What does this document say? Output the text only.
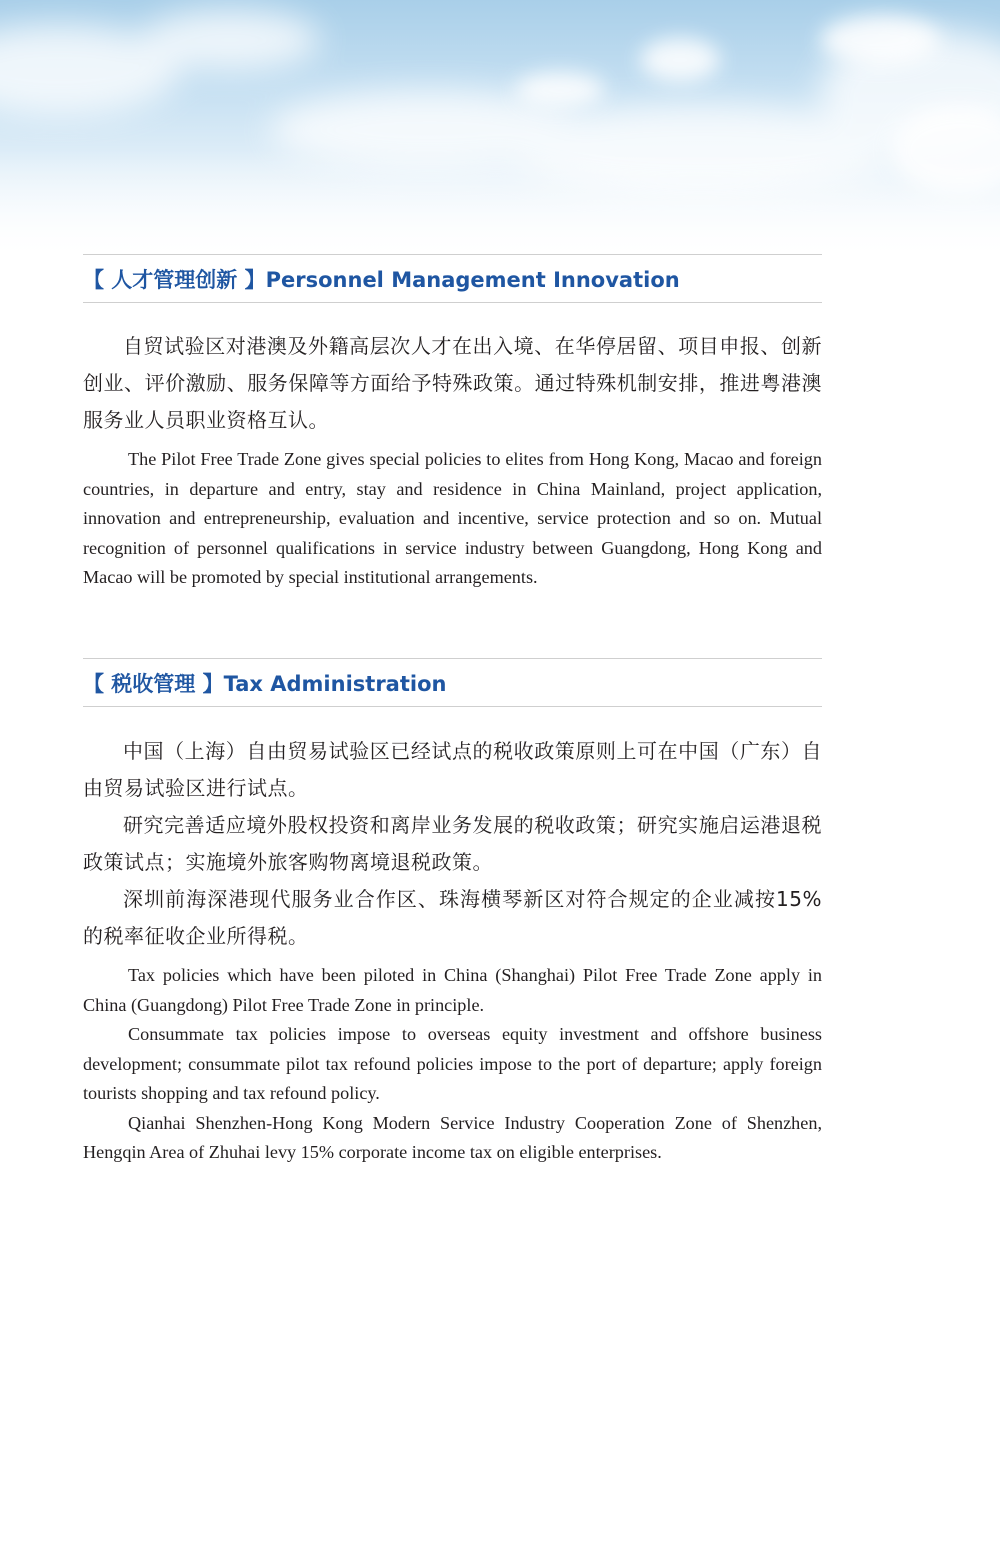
【 人才管理创新 】Personnel Management Innovation

自贸试验区对港澳及外籍高层次人才在出入境、在华停居留、项目申报、创新创业、评价激励、服务保障等方面给予特殊政策。通过特殊机制安排，推进粤港澳服务业人员职业资格互认。

The Pilot Free Trade Zone gives special policies to elites from Hong Kong, Macao and foreign countries, in departure and entry, stay and residence in China Mainland, project application, innovation and entrepreneurship, evaluation and incentive, service protection and so on. Mutual recognition of personnel qualifications in service industry between Guangdong, Hong Kong and Macao will be promoted by special institutional arrangements.

【 税收管理 】Tax Administration

中国（上海）自由贸易试验区已经试点的税收政策原则上可在中国（广东）自由贸易试验区进行试点。

研究完善适应境外股权投资和离岸业务发展的税收政策；研究实施启运港退税政策试点；实施境外旅客购物离境退税政策。

深圳前海深港现代服务业合作区、珠海横琴新区对符合规定的企业减按15%的税率征收企业所得税。

Tax policies which have been piloted in China (Shanghai) Pilot Free Trade Zone apply in China (Guangdong) Pilot Free Trade Zone in principle.

Consummate tax policies impose to overseas equity investment and offshore business development; consummate pilot tax refound policies impose to the port of departure; apply foreign tourists shopping and tax refound policy.

Qianhai Shenzhen-Hong Kong Modern Service Industry Cooperation Zone of Shenzhen, Hengqin Area of Zhuhai levy 15% corporate income tax on eligible enterprises.
